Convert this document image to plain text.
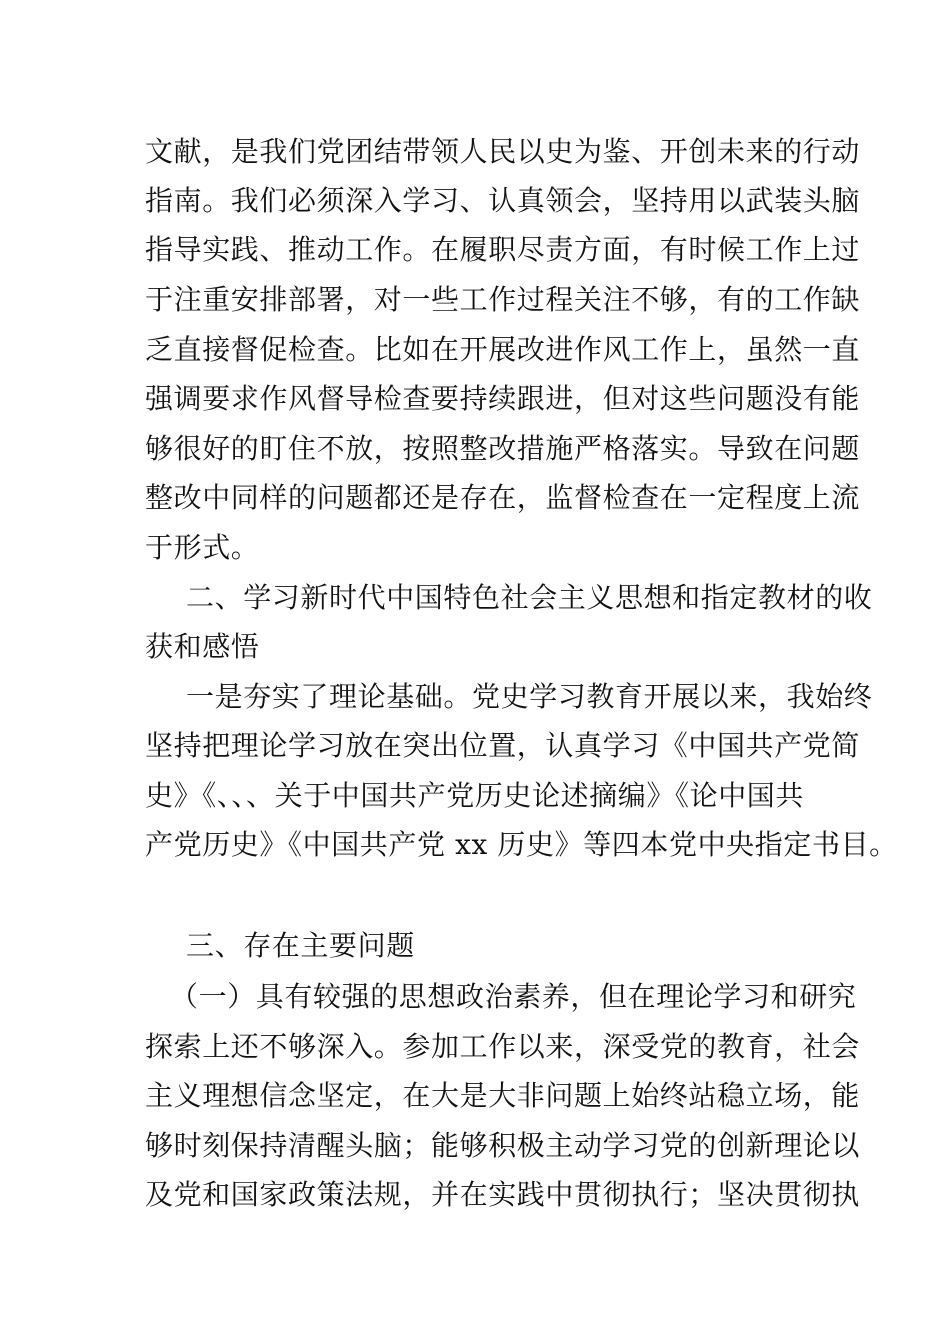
文献，是我们党团结带领人民以史为鉴、开创未来的行动
指南。我们必须深入学习、认真领会，坚持用以武装头脑
指导实践、推动工作。在履职尽责方面，有时候工作上过
于注重安排部署，对一些工作过程关注不够，有的工作缺
乏直接督促检查。比如在开展改进作风工作上，虽然一直
强调要求作风督导检查要持续跟进，但对这些问题没有能
够很好的盯住不放，按照整改措施严格落实。导致在问题
整改中同样的问题都还是存在，监督检查在一定程度上流
于形式。
二、学习新时代中国特色社会主义思想和指定教材的收
获和感悟
一是夯实了理论基础。党史学习教育开展以来，我始终
坚持把理论学习放在突出位置，认真学习《中国共产党简
史》《、、、关于中国共产党历史论述摘编》《论中国共
产党历史》《中国共产党 xx 历史》等四本党中央指定书目。
三、存在主要问题
（一）具有较强的思想政治素养，但在理论学习和研究
探索上还不够深入。参加工作以来，深受党的教育，社会
主义理想信念坚定，在大是大非问题上始终站稳立场，能
够时刻保持清醒头脑；能够积极主动学习党的创新理论以
及党和国家政策法规，并在实践中贯彻执行；坚决贯彻执
